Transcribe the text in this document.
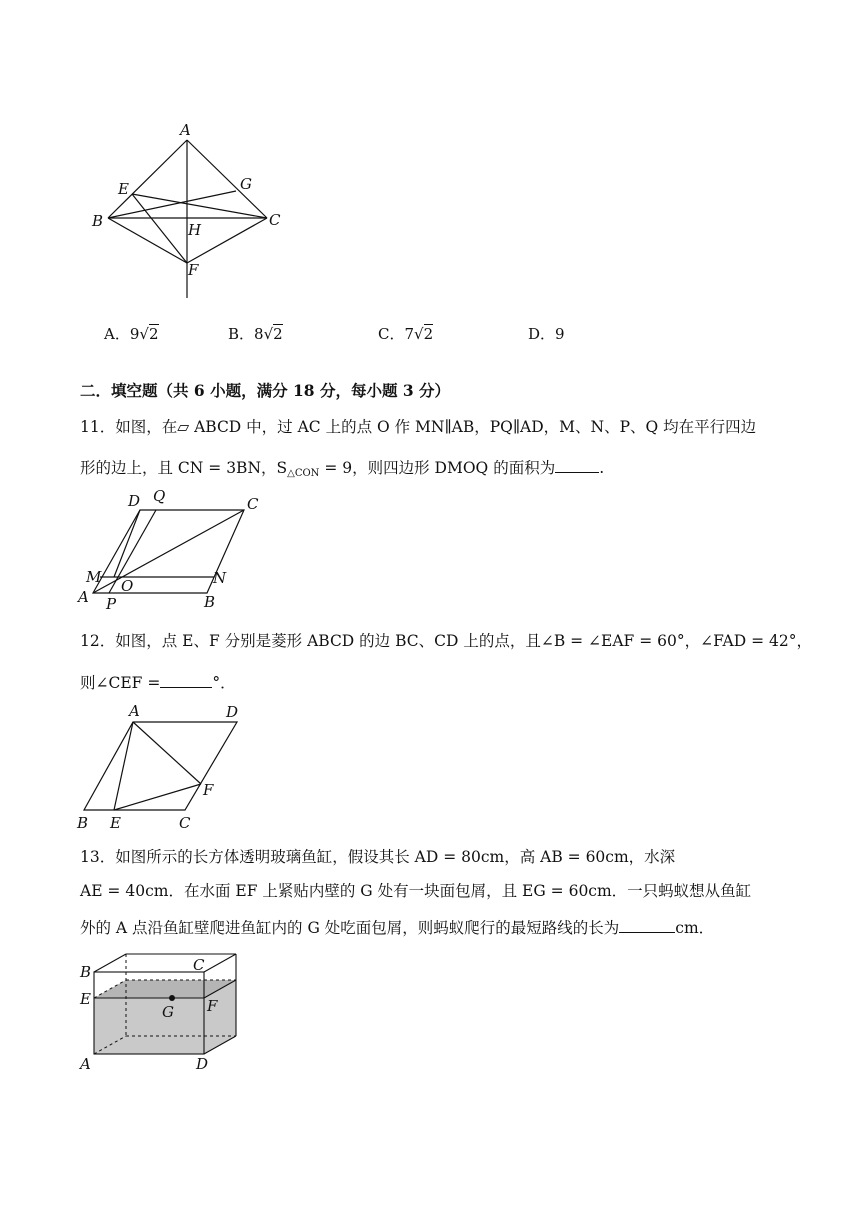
A
E	G
B	C
H
F
A．9√2	B．8√2	C．7√2	D．9
二．填空题（共 6 小题，满分 18 分，每小题 3 分）
11．如图，在▱ ABCD 中，过 AC 上的点 O 作 MN∥AB，PQ∥AD，M、N、P、Q 均在平行四边
形的边上，且 CN = 3BN，$S_{\triangle CON} = 9$，则四边形 DMOQ 的面积为	.
D Q	C
M O	N
A P	B
12．如图，点 E、F 分别是菱形 ABCD 的边 BC、CD 上的点，且∠B = ∠EAF = 60°，∠FAD = 42°，
则∠CEF =	°．
A	D
F
B E	C
13．如图所示的长方体透明玻璃鱼缸，假设其长 AD = 80cm，高 AB = 60cm，水深
AE = 40cm．在水面 EF 上紧贴内壁的 G 处有一块面包屑，且 EG = 60cm．一只蚂蚁想从鱼缸
外的 A 点沿鱼缸壁爬进鱼缸内的 G 处吃面包屑，则蚂蚁爬行的最短路线的长为	cm．
B	C
E
G F
A	D
